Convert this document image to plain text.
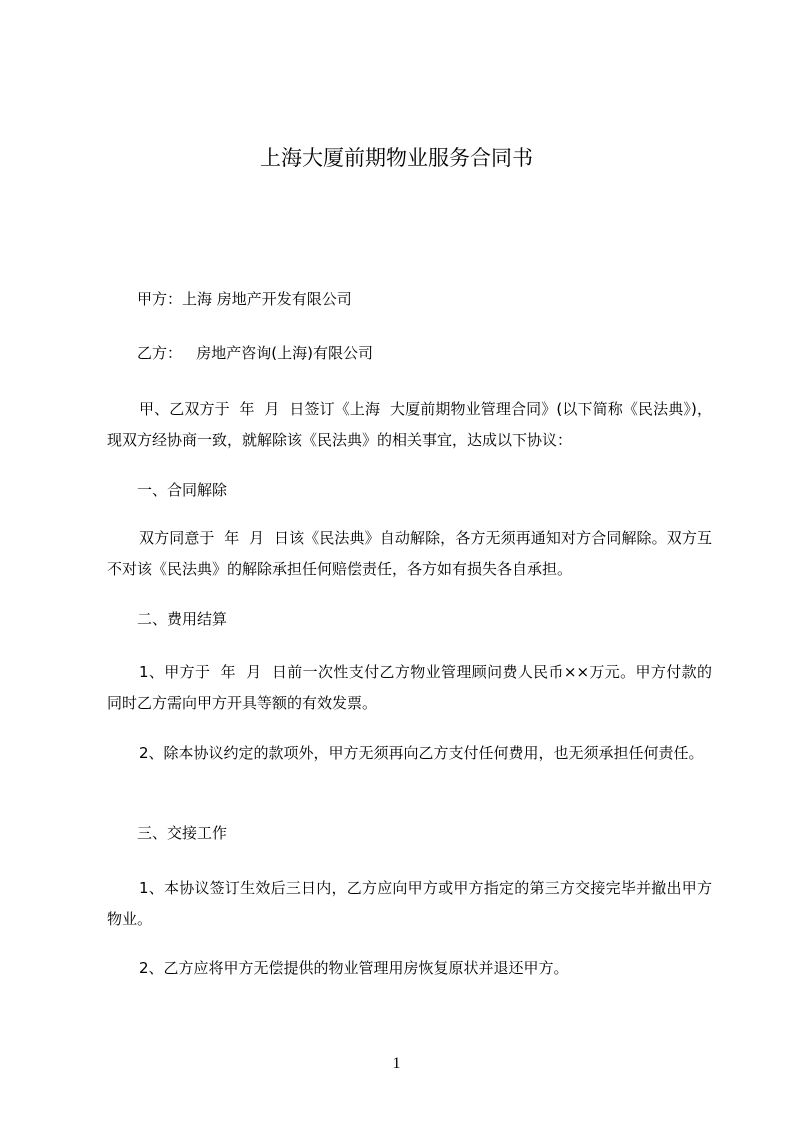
上海大厦前期物业服务合同书
甲方：上海 房地产开发有限公司
乙方：   房地产咨询(上海)有限公司
甲、乙双方于  年  月  日签订《上海  大厦前期物业管理合同》(以下简称《民法典》)，现双方经协商一致，就解除该《民法典》的相关事宜，达成以下协议：
一、合同解除
双方同意于  年  月  日该《民法典》自动解除，各方无须再通知对方合同解除。双方互不对该《民法典》的解除承担任何赔偿责任，各方如有损失各自承担。
二、费用结算
1、甲方于  年  月  日前一次性支付乙方物业管理顾问费人民币××万元。甲方付款的同时乙方需向甲方开具等额的有效发票。
2、除本协议约定的款项外，甲方无须再向乙方支付任何费用，也无须承担任何责任。
三、交接工作
1、本协议签订生效后三日内，乙方应向甲方或甲方指定的第三方交接完毕并撤出甲方物业。
2、乙方应将甲方无偿提供的物业管理用房恢复原状并退还甲方。
1
